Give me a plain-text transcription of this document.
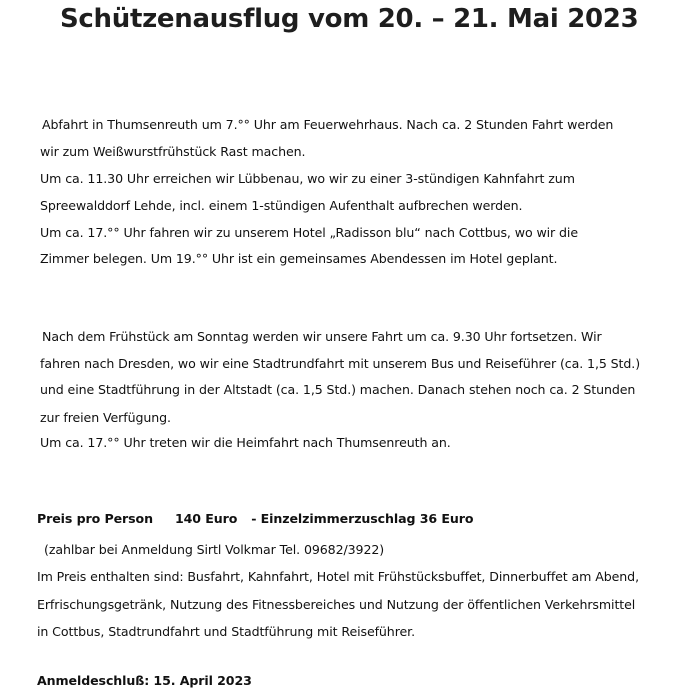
Schützenausflug vom 20. – 21. Mai 2023
Abfahrt in Thumsenreuth um 7.°° Uhr am Feuerwehrhaus. Nach ca. 2 Stunden Fahrt werden
wir zum Weißwurstfrühstück Rast machen.
Um ca. 11.30 Uhr erreichen wir Lübbenau, wo wir zu einer 3-stündigen Kahnfahrt zum
Spreewalddorf Lehde, incl. einem 1-stündigen Aufenthalt aufbrechen werden.
Um ca. 17.°° Uhr fahren wir zu unserem Hotel „Radisson blu“ nach Cottbus, wo wir die
Zimmer belegen. Um 19.°° Uhr ist ein gemeinsames Abendessen im Hotel geplant.
Nach dem Frühstück am Sonntag werden wir unsere Fahrt um ca. 9.30 Uhr fortsetzen. Wir
fahren nach Dresden, wo wir eine Stadtrundfahrt mit unserem Bus und Reiseführer (ca. 1,5 Std.)
und eine Stadtführung in der Altstadt (ca. 1,5 Std.) machen. Danach stehen noch ca. 2 Stunden
zur freien Verfügung.
Um ca. 17.°° Uhr treten wir die Heimfahrt nach Thumsenreuth an.
Preis pro Person 140 Euro - Einzelzimmerzuschlag 36 Euro
(zahlbar bei Anmeldung Sirtl Volkmar Tel. 09682/3922)
Im Preis enthalten sind: Busfahrt, Kahnfahrt, Hotel mit Frühstücksbuffet, Dinnerbuffet am Abend,
Erfrischungsgetränk, Nutzung des Fitnessbereiches und Nutzung der öffentlichen Verkehrsmittel
in Cottbus, Stadtrundfahrt und Stadtführung mit Reiseführer.
Anmeldeschluß: 15. April 2023
